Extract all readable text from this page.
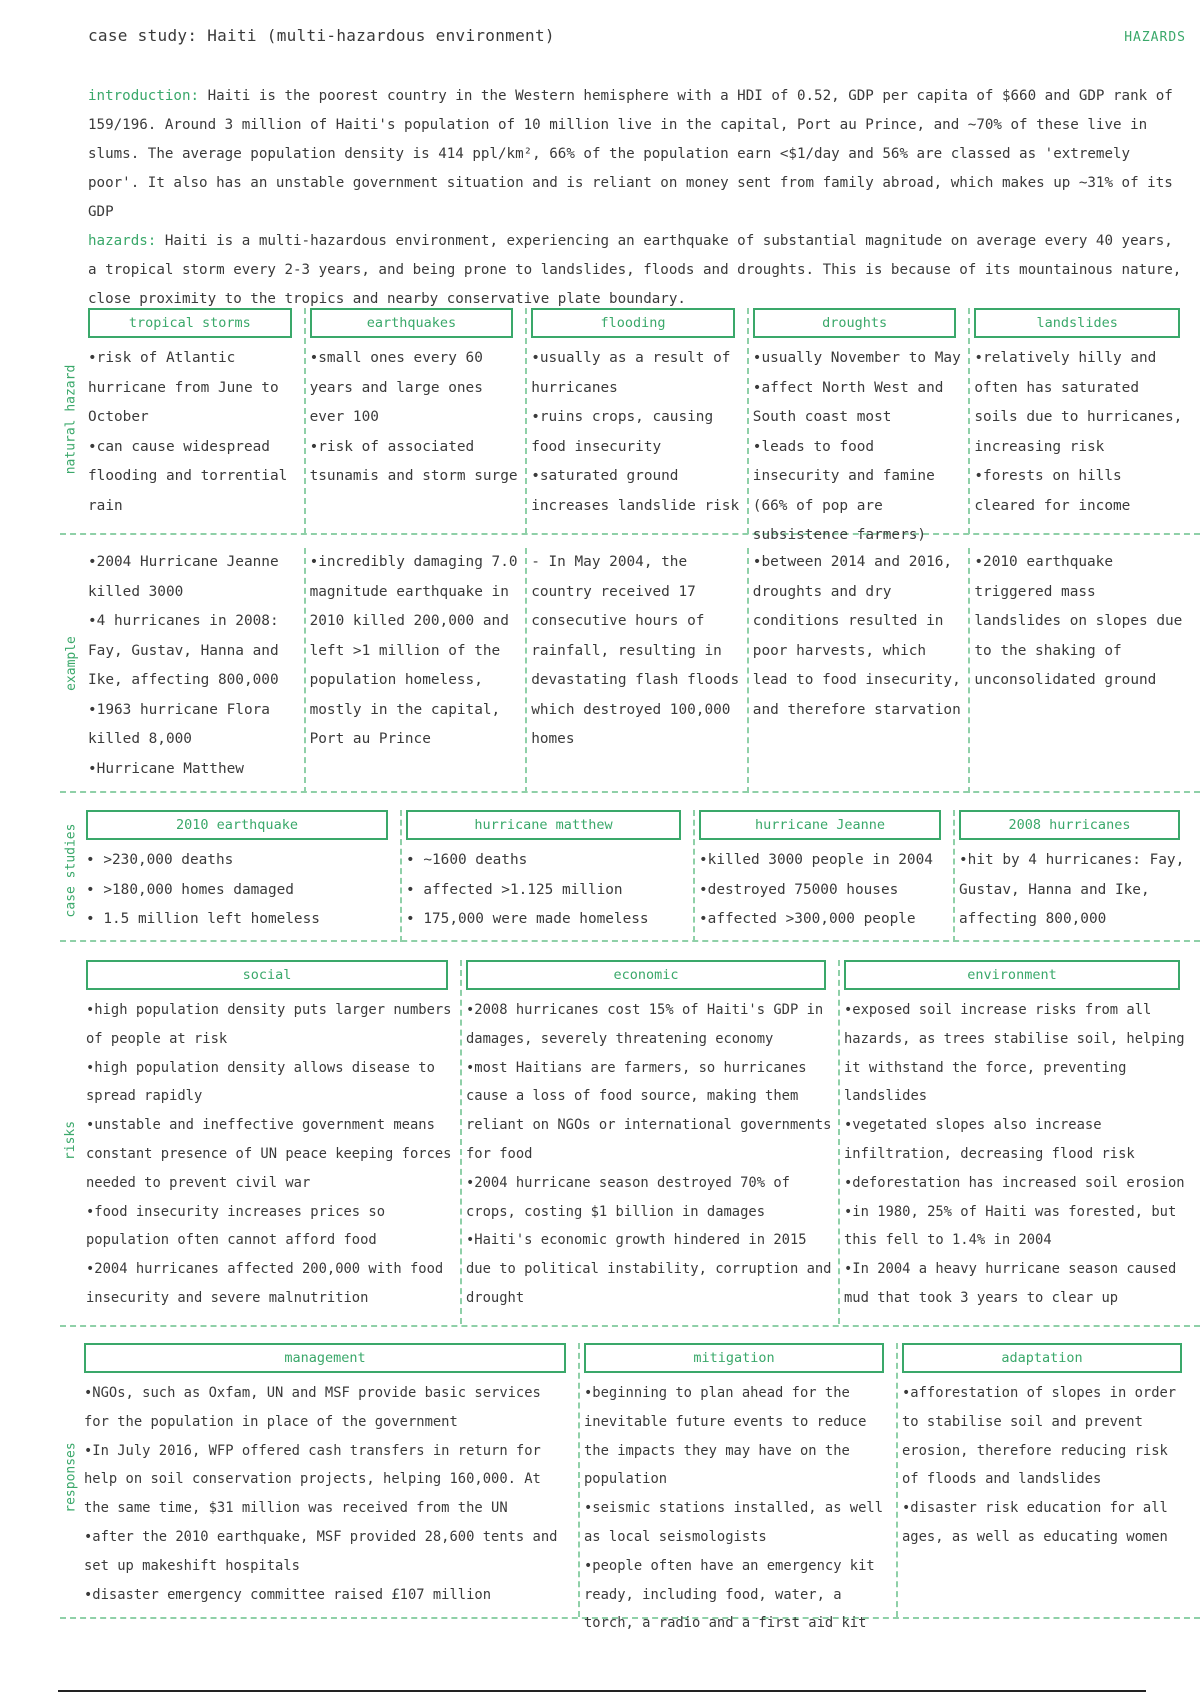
case study: Haiti (multi-hazardous environment)	HAZARDS

introduction: Haiti is the poorest country in the Western hemisphere with a HDI of 0.52, GDP per capita of $660 and GDP rank of 159/196. Around 3 million of Haiti's population of 10 million live in the capital, Port au Prince, and ~70% of these live in slums. The average population density is 414 ppl/km², 66% of the population earn <$1/day and 56% are classed as 'extremely poor'. It also has an unstable government situation and is reliant on money sent from family abroad, which makes up ~31% of its GDP

hazards: Haiti is a multi-hazardous environment, experiencing an earthquake of substantial magnitude on average every 40 years, a tropical storm every 2-3 years, and being prone to landslides, floods and droughts. This is because of its mountainous nature, close proximity to the tropics and nearby conservative plate boundary.

natural hazard
example
tropical storms
•risk of Atlantic hurricane from June to October
•can cause widespread flooding and torrential rain
•2004 Hurricane Jeanne killed 3000
•4 hurricanes in 2008: Fay, Gustav, Hanna and Ike, affecting 800,000
•1963 hurricane Flora killed 8,000
•Hurricane Matthew
earthquakes
•small ones every 60 years and large ones ever 100
•risk of associated tsunamis and storm surge
•incredibly damaging 7.0 magnitude earthquake in 2010 killed 200,000 and left >1 million of the population homeless, mostly in the capital, Port au Prince
flooding
•usually as a result of hurricanes
•ruins crops, causing food insecurity
•saturated ground increases landslide risk
- In May 2004, the country received 17 consecutive hours of rainfall, resulting in devastating flash floods which destroyed 100,000 homes
droughts
•usually November to May
•affect North West and South coast most
•leads to food insecurity and famine (66% of pop are subsistence farmers)
•between 2014 and 2016, droughts and dry conditions resulted in poor harvests, which lead to food insecurity, and therefore starvation
landslides
•relatively hilly and often has saturated soils due to hurricanes, increasing risk
•forests on hills cleared for income
•2010 earthquake triggered mass landslides on slopes due to the shaking of unconsolidated ground
case studies	2010 earthquake
• >230,000 deaths
• >180,000 homes damaged
• 1.5 million left homeless
hurricane matthew
• ~1600 deaths
• affected >1.125 million
• 175,000 were made homeless
hurricane Jeanne
•killed 3000 people in 2004
•destroyed 75000 houses
•affected >300,000 people
2008 hurricanes
•hit by 4 hurricanes: Fay, Gustav, Hanna and Ike, affecting 800,000
risks
social
•high population density puts larger numbers of people at risk
•high population density allows disease to spread rapidly
•unstable and ineffective government means constant presence of UN peace keeping forces needed to prevent civil war
•food insecurity increases prices so population often cannot afford food
•2004 hurricanes affected 200,000 with food insecurity and severe malnutrition
economic
•2008 hurricanes cost 15% of Haiti's GDP in damages, severely threatening economy
•most Haitians are farmers, so hurricanes cause a loss of food source, making them reliant on NGOs or international governments for food
•2004 hurricane season destroyed 70% of crops, costing $1 billion in damages
•Haiti's economic growth hindered in 2015 due to political instability, corruption and drought
environment
•exposed soil increase risks from all hazards, as trees stabilise soil, helping it withstand the force, preventing landslides
•vegetated slopes also increase infiltration, decreasing flood risk
•deforestation has increased soil erosion
•in 1980, 25% of Haiti was forested, but this fell to 1.4% in 2004
•In 2004 a heavy hurricane season caused mud that took 3 years to clear up
responses
management
•NGOs, such as Oxfam, UN and MSF provide basic services for the population in place of the government
•In July 2016, WFP offered cash transfers in return for help on soil conservation projects, helping 160,000. At the same time, $31 million was received from the UN
•after the 2010 earthquake, MSF provided 28,600 tents and set up makeshift hospitals
•disaster emergency committee raised £107 million
mitigation
•beginning to plan ahead for the inevitable future events to reduce the impacts they may have on the population
•seismic stations installed, as well as local seismologists
•people often have an emergency kit ready, including food, water, a torch, a radio and a first aid kit
adaptation
•afforestation of slopes in order to stabilise soil and prevent erosion, therefore reducing risk of floods and landslides
•disaster risk education for all ages, as well as educating women
